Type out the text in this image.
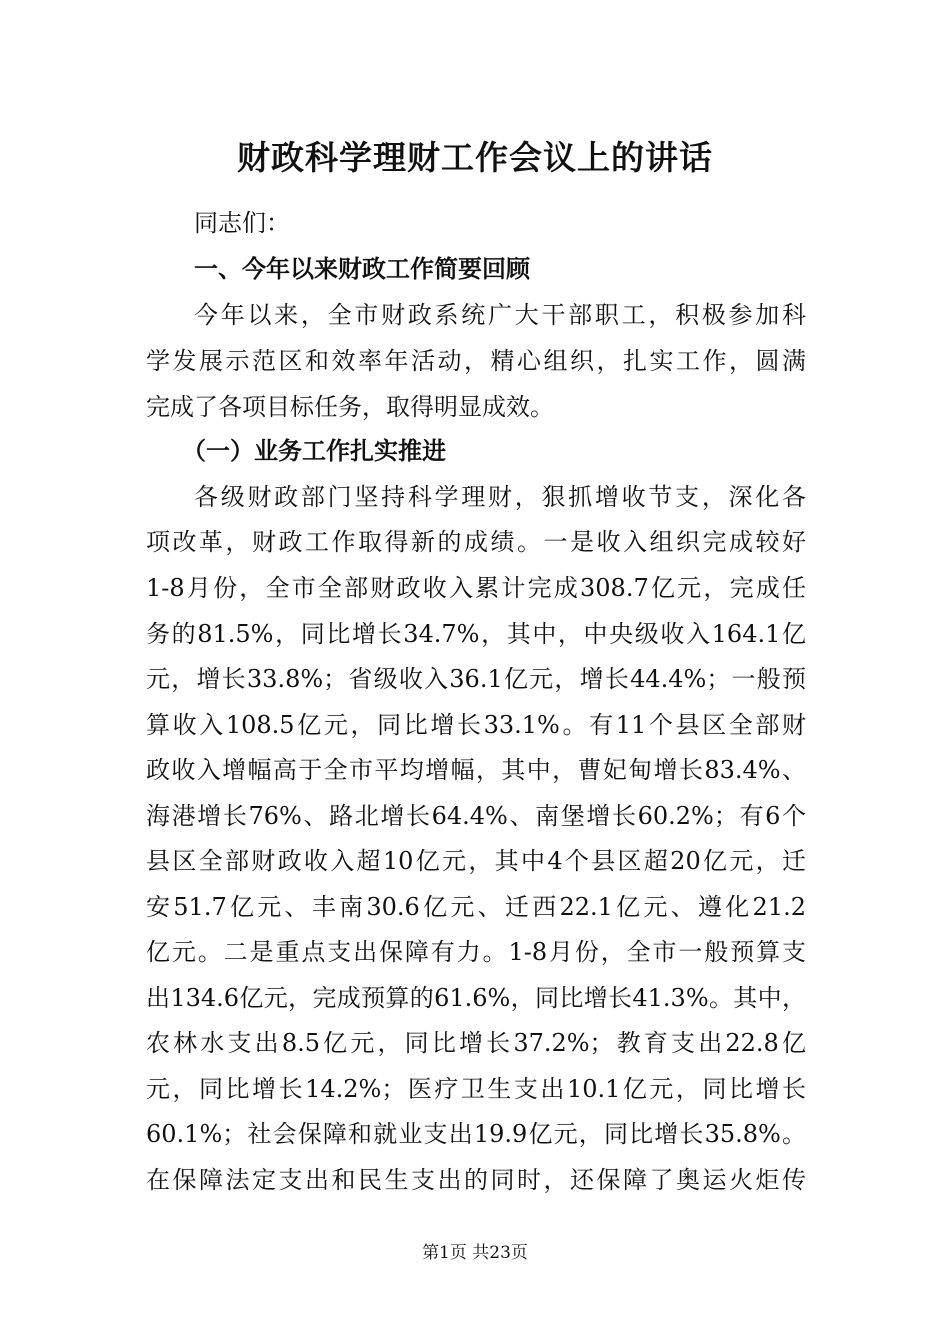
财政科学理财工作会议上的讲话
同志们：
一、今年以来财政工作简要回顾
今年以来，全市财政系统广大干部职工，积极参加科
学发展示范区和效率年活动，精心组织，扎实工作，圆满
完成了各项目标任务，取得明显成效。
（一）业务工作扎实推进
各级财政部门坚持科学理财，狠抓增收节支，深化各
项改革，财政工作取得新的成绩。一是收入组织完成较好
1-8月份，全市全部财政收入累计完成308.7亿元，完成任
务的81.5%，同比增长34.7%，其中，中央级收入164.1亿
元，增长33.8%；省级收入36.1亿元，增长44.4%；一般预
算收入108.5亿元，同比增长33.1%。有11个县区全部财
政收入增幅高于全市平均增幅，其中，曹妃甸增长83.4%、
海港增长76%、路北增长64.4%、南堡增长60.2%；有6个
县区全部财政收入超10亿元，其中4个县区超20亿元，迁
安51.7亿元、丰南30.6亿元、迁西22.1亿元、遵化21.2
亿元。二是重点支出保障有力。1-8月份，全市一般预算支
出134.6亿元，完成预算的61.6%，同比增长41.3%。其中，
农林水支出8.5亿元，同比增长37.2%；教育支出22.8亿
元，同比增长14.2%；医疗卫生支出10.1亿元，同比增长
60.1%；社会保障和就业支出19.9亿元，同比增长35.8%。
在保障法定支出和民生支出的同时，还保障了奥运火炬传
第1页 共23页
